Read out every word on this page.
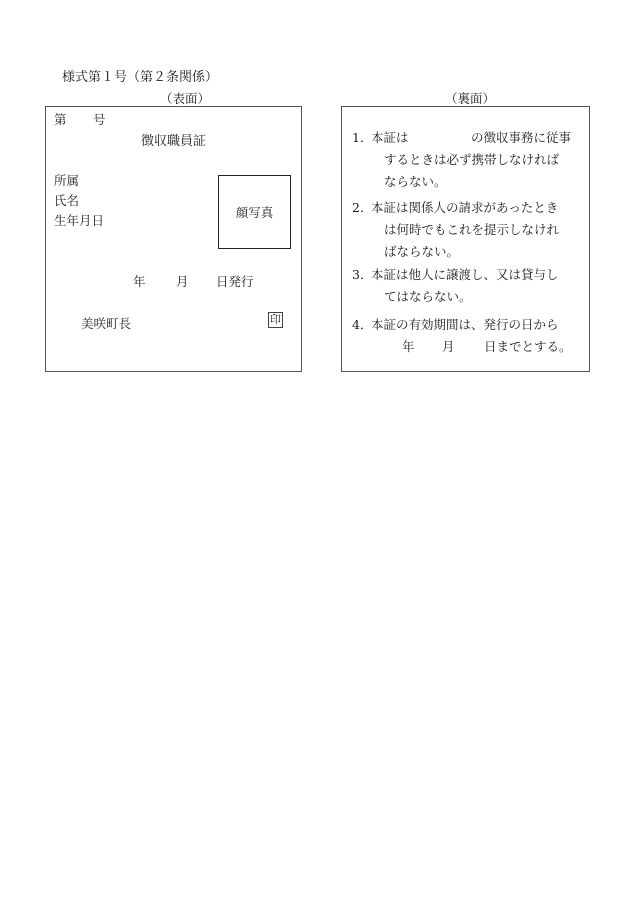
様式第１号（第２条関係）
（表面）	（裏面）
第 号
徴収職員証
所属
氏名
生年月日
顔写真
年 月 日発行
美咲町長	印
1．
本証は　　　　　の徴収事務に従事
するときは必ず携帯しなければ
ならない。
2．
本証は関係人の請求があったとき
は何時でもこれを提示しなけれ
ばならない。
3．
本証は他人に譲渡し、又は貸与し
てはならない。
4．
本証の有効期間は、発行の日から
年 月 日までとする。
